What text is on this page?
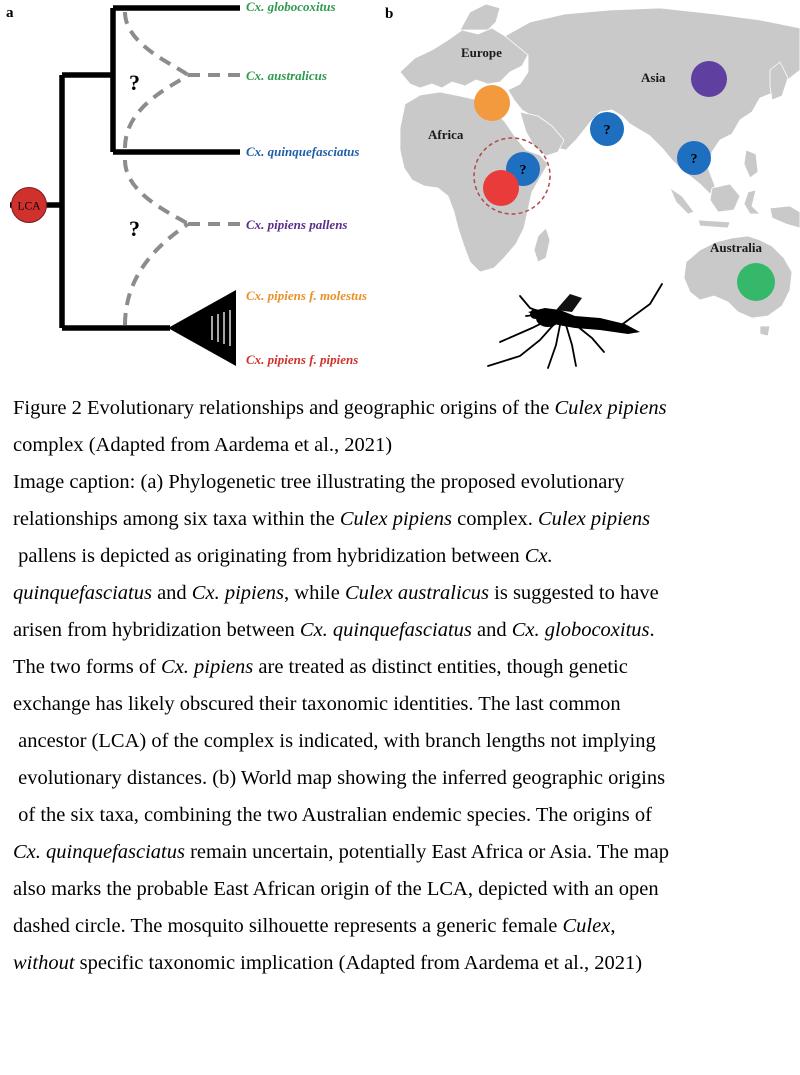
a
?
?
LCA
Cx. globocoxitus
Cx. australicus
Cx. quinquefasciatus
Cx. pipiens pallens
Cx. pipiens f. molestus
Cx. pipiens f. pipiens
b
Europe
Africa
Asia
Australia
?
?
?
Figure 2 Evolutionary relationships and geographic origins of the Culex pipiens
complex (Adapted from Aardema et al., 2021)
Image caption: (a) Phylogenetic tree illustrating the proposed evolutionary
relationships among six taxa within the Culex pipiens complex. Culex pipiens
pallens is depicted as originating from hybridization between Cx.
quinquefasciatus and Cx. pipiens, while Culex australicus is suggested to have
arisen from hybridization between Cx. quinquefasciatus and Cx. globocoxitus.
The two forms of Cx. pipiens are treated as distinct entities, though genetic
exchange has likely obscured their taxonomic identities. The last common
ancestor (LCA) of the complex is indicated, with branch lengths not implying
evolutionary distances. (b) World map showing the inferred geographic origins
of the six taxa, combining the two Australian endemic species. The origins of
Cx. quinquefasciatus remain uncertain, potentially East Africa or Asia. The map
also marks the probable East African origin of the LCA, depicted with an open
dashed circle. The mosquito silhouette represents a generic female Culex,
without specific taxonomic implication (Adapted from Aardema et al., 2021)
